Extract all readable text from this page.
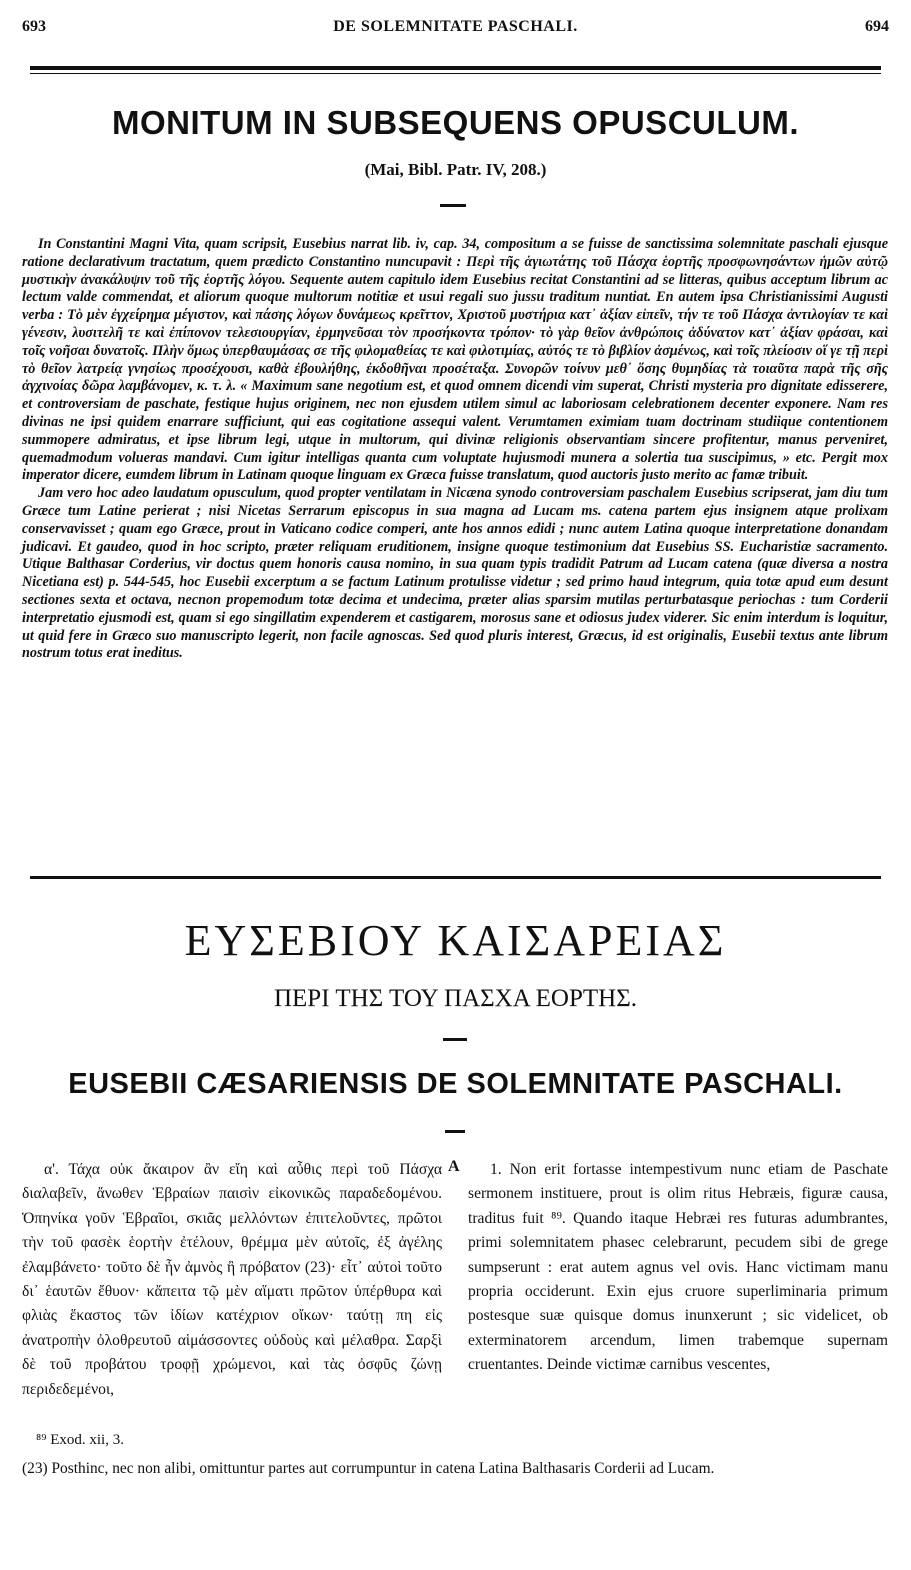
693	DE SOLEMNITATE PASCHALI.	694
MONITUM IN SUBSEQUENS OPUSCULUM.
(Mai, Bibl. Patr. IV, 208.)

In Constantini Magni Vita, quam scripsit, Eusebius narrat lib. iv, cap. 34, compositum a se fuisse de sanctissima solemnitate paschali ejusque ratione declarativum tractatum, quem prædicto Constantino nuncupavit : Περὶ τῆς ἁγιωτάτης τοῦ Πάσχα ἑορτῆς προσφωνησάντων ἡμῶν αὐτῷ μυστικὴν ἀνακάλυψιν τοῦ τῆς ἑορτῆς λόγου. Sequente autem capitulo idem Eusebius recitat Constantini ad se litteras, quibus acceptum librum ac lectum valde commendat, et aliorum quoque multorum notitiæ et usui regali suo jussu traditum nuntiat. En autem ipsa Christianissimi Augusti verba : Τὸ μὲν ἐγχείρημα μέγιστον, καὶ πάσης λόγων δυνάμεως κρεῖττον, Χριστοῦ μυστήρια κατ᾽ ἀξίαν εἰπεῖν, τήν τε τοῦ Πάσχα ἀντιλογίαν τε καὶ γένεσιν, λυσιτελῆ τε καὶ ἐπίπονον τελεσιουργίαν, ἑρμηνεῦσαι τὸν προσήκοντα τρόπον· τὸ γὰρ θεῖον ἀνθρώποις ἀδύνατον κατ᾽ ἀξίαν φράσαι, καὶ τοῖς νοῆσαι δυνατοῖς. Πλὴν ὅμως ὑπερθαυμάσας σε τῆς φιλομαθείας τε καὶ φιλοτιμίας, αὐτός τε τὸ βιβλίον ἀσμένως, καὶ τοῖς πλείοσιν οἵ γε τῇ περὶ τὸ θεῖον λατρείᾳ γνησίως προσέχουσι, καθὰ ἐβουλήθης, ἐκδοθῆναι προσέταξα. Συνορῶν τοίνυν μεθ᾽ ὅσης θυμηδίας τὰ τοιαῦτα παρὰ τῆς σῆς ἀγχινοίας δῶρα λαμβάνομεν, κ. τ. λ. « Maximum sane negotium est, et quod omnem dicendi vim superat, Christi mysteria pro dignitate edisserere, et controversiam de paschate, festique hujus originem, nec non ejusdem utilem simul ac laboriosam celebrationem decenter exponere. Nam res divinas ne ipsi quidem enarrare sufficiunt, qui eas cogitatione assequi valent. Verumtamen eximiam tuam doctrinam studiique contentionem summopere admiratus, et ipse librum legi, utque in multorum, qui divinæ religionis observantiam sincere profitentur, manus perveniret, quemadmodum volueras mandavi. Cum igitur intelligas quanta cum voluptate hujusmodi munera a solertia tua suscipimus, » etc. Pergit mox imperator dicere, eumdem librum in Latinam quoque linguam ex Græca fuisse translatum, quod auctoris justo merito ac famæ tribuit.

Jam vero hoc adeo laudatum opusculum, quod propter ventilatam in Nicæna synodo controversiam paschalem Eusebius scripserat, jam diu tum Græce tum Latine perierat ; nisi Nicetas Serrarum episcopus in sua magna ad Lucam ms. catena partem ejus insignem atque prolixam conservavisset ; quam ego Græce, prout in Vaticano codice comperi, ante hos annos edidi ; nunc autem Latina quoque interpretatione donandam judicavi. Et gaudeo, quod in hoc scripto, præter reliquam eruditionem, insigne quoque testimonium dat Eusebius SS. Eucharistiæ sacramento. Utique Balthasar Corderius, vir doctus quem honoris causa nomino, in sua quam typis tradidit Patrum ad Lucam catena (quæ diversa a nostra Nicetiana est) p. 544-545, hoc Eusebii excerptum a se factum Latinum protulisse videtur ; sed primo haud integrum, quia totæ apud eum desunt sectiones sexta et octava, necnon propemodum totæ decima et undecima, præter alias sparsim mutilas perturbatasque periochas : tum Corderii interpretatio ejusmodi est, quam si ego singillatim expenderem et castigarem, morosus sane et odiosus judex viderer. Sic enim interdum is loquitur, ut quid fere in Græco suo manuscripto legerit, non facile agnoscas. Sed quod pluris interest, Græcus, id est originalis, Eusebii textus ante librum nostrum totus erat ineditus.

ΕΥΣΕΒΙΟΥ ΚΑΙΣΑΡΕΙΑΣ
ΠΕΡΙ ΤΗΣ ΤΟΥ ΠΑΣΧΑ ΕΟΡΤΗΣ.
EUSEBII CÆSARIENSIS DE SOLEMNITATE PASCHALI.

α'. Τάχα οὐκ ἄκαιρον ἂν εἴη καὶ αὖθις περὶ τοῦ Πάσχα διαλαβεῖν, ἄνωθεν Ἑβραίων παισὶν εἰκονικῶς παραδεδομένου. Ὁπηνίκα γοῦν Ἑβραῖοι, σκιᾶς μελλόντων ἐπιτελοῦντες, πρῶτοι τὴν τοῦ φασὲκ ἑορτὴν ἐτέλουν, θρέμμα μὲν αὐτοῖς, ἐξ ἀγέλης ἐλαμβάνετο· τοῦτο δὲ ἦν ἀμνὸς ἢ πρόβατον (23)· εἶτ᾽ αὐτοὶ τοῦτο δι᾽ ἑαυτῶν ἔθυον· κἄπειτα τῷ μὲν αἵματι πρῶτον ὑπέρθυρα καὶ φλιὰς ἕκαστος τῶν ἰδίων κατέχριον οἴκων· ταύτῃ πη εἰς ἀνατροπὴν ὀλοθρευτοῦ αἱμάσσοντες οὐδοὺς καὶ μέλαθρα. Σαρξὶ δὲ τοῦ προβάτου τροφῇ χρώμενοι, καὶ τὰς ὀσφῦς ζώνῃ περιδεδεμένοι,

A	1. Non erit fortasse intempestivum nunc etiam de Paschate sermonem instituere, prout is olim ritus Hebræis, figuræ causa, traditus fuit ⁸⁹. Quando itaque Hebræi res futuras adumbrantes, primi solemnitatem phasec celebrarunt, pecudem sibi de grege sumpserunt : erat autem agnus vel ovis. Hanc victimam manu propria occiderunt. Exin ejus cruore superliminaria primum postesque suæ quisque domus inunxerunt ; sic videlicet, ob exterminatorem arcendum, limen trabemque supernam cruentantes. Deinde victimæ carnibus vescentes,

⁸⁹ Exod. xii, 3.
(23) Posthinc, nec non alibi, omittuntur partes aut corrumpuntur in catena Latina Balthasaris Corderii ad Lucam.
